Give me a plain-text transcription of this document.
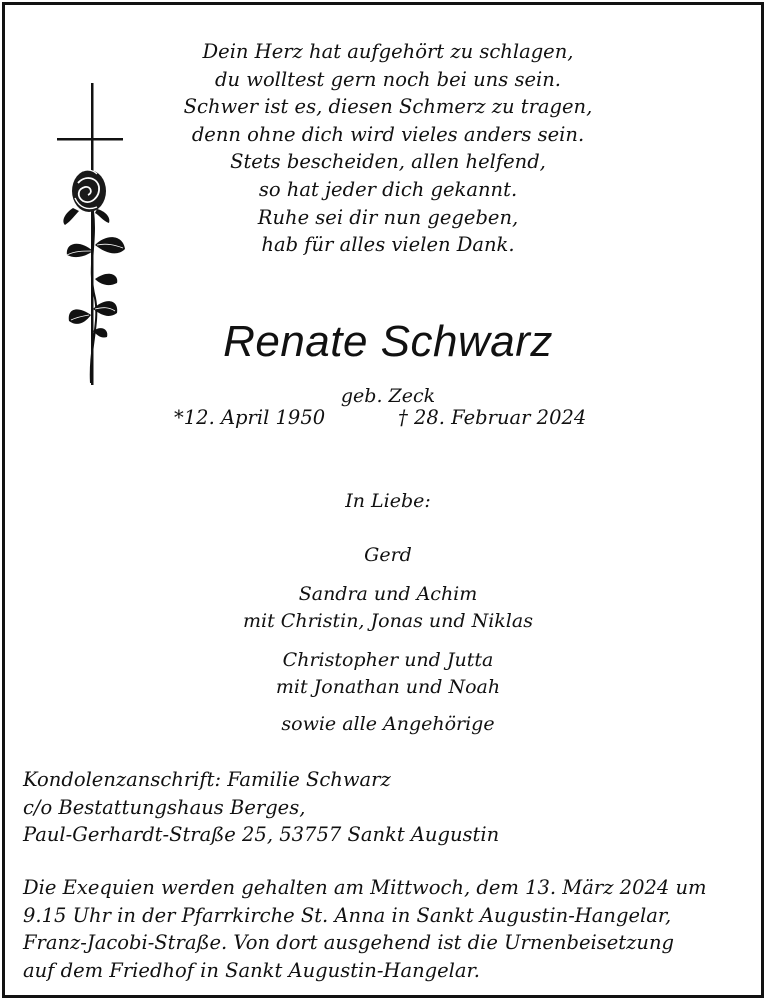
Dein Herz hat aufgehört zu schlagen,
du wolltest gern noch bei uns sein.
Schwer ist es, diesen Schmerz zu tragen,
denn ohne dich wird vieles anders sein.
Stets bescheiden, allen helfend,
so hat jeder dich gekannt.
Ruhe sei dir nun gegeben,
hab für alles vielen Dank.
Renate Schwarz
geb. Zeck
*12. April 1950	† 28. Februar 2024
In Liebe:
Gerd
Sandra und Achim
mit Christin, Jonas und Niklas
Christopher und Jutta
mit Jonathan und Noah
sowie alle Angehörige
Kondolenzanschrift: Familie Schwarz
c/o Bestattungshaus Berges,
Paul-Gerhardt-Straße 25, 53757 Sankt Augustin
Die Exequien werden gehalten am Mittwoch, dem 13. März 2024 um
9.15 Uhr in der Pfarrkirche St. Anna in Sankt Augustin-Hangelar,
Franz-Jacobi-Straße. Von dort ausgehend ist die Urnenbeisetzung
auf dem Friedhof in Sankt Augustin-Hangelar.
